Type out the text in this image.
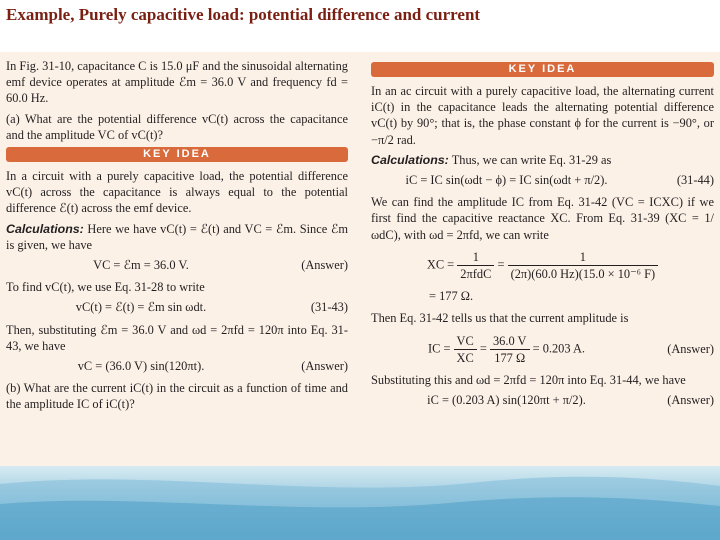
Example, Purely capacitive load: potential difference and current

In Fig. 31-10, capacitance C is 15.0 μF and the sinusoidal alternating emf device operates at amplitude ℰm = 36.0 V and frequency fd = 60.0 Hz.

(a) What are the potential difference vC(t) across the capacitance and the amplitude VC of vC(t)?

KEY IDEA

In a circuit with a purely capacitive load, the potential difference vC(t) across the capacitance is always equal to the potential difference ℰ(t) across the emf device.

Calculations: Here we have vC(t) = ℰ(t) and VC = ℰm. Since ℰm is given, we have

VC = ℰm = 36.0 V.	(Answer)

To find vC(t), we use Eq. 31-28 to write

vC(t) = ℰ(t) = ℰm sin ωdt.	(31-43)

Then, substituting ℰm = 36.0 V and ωd = 2πfd = 120π into Eq. 31-43, we have

vC = (36.0 V) sin(120πt).	(Answer)

(b) What are the current iC(t) in the circuit as a function of time and the amplitude IC of iC(t)?

KEY IDEA

In an ac circuit with a purely capacitive load, the alternating current iC(t) in the capacitance leads the alternating potential difference vC(t) by 90°; that is, the phase constant ϕ for the current is −90°, or −π/2 rad.

Calculations: Thus, we can write Eq. 31-29 as

iC = IC sin(ωdt − ϕ) = IC sin(ωdt + π/2).	(31-44)

We can find the amplitude IC from Eq. 31-42 (VC = ICXC) if we first find the capacitive reactance XC. From Eq. 31-39 (XC = 1/ωdC), with ωd = 2πfd, we can write

XC = $\frac{1}{\text{2πfdC}} = \frac{1}{\text{(2π)(60.0 Hz)(15.0 × 10⁻⁶ F)}}$
= 177 Ω.

Then Eq. 31-42 tells us that the current amplitude is

IC = $\frac{VC}{XC} = \frac{36.0 V}{177 \Omega} = 0.203$ A.	(Answer)

Substituting this and ωd = 2πfd = 120π into Eq. 31-44, we have

iC = (0.203 A) sin(120πt + π/2).	(Answer)
